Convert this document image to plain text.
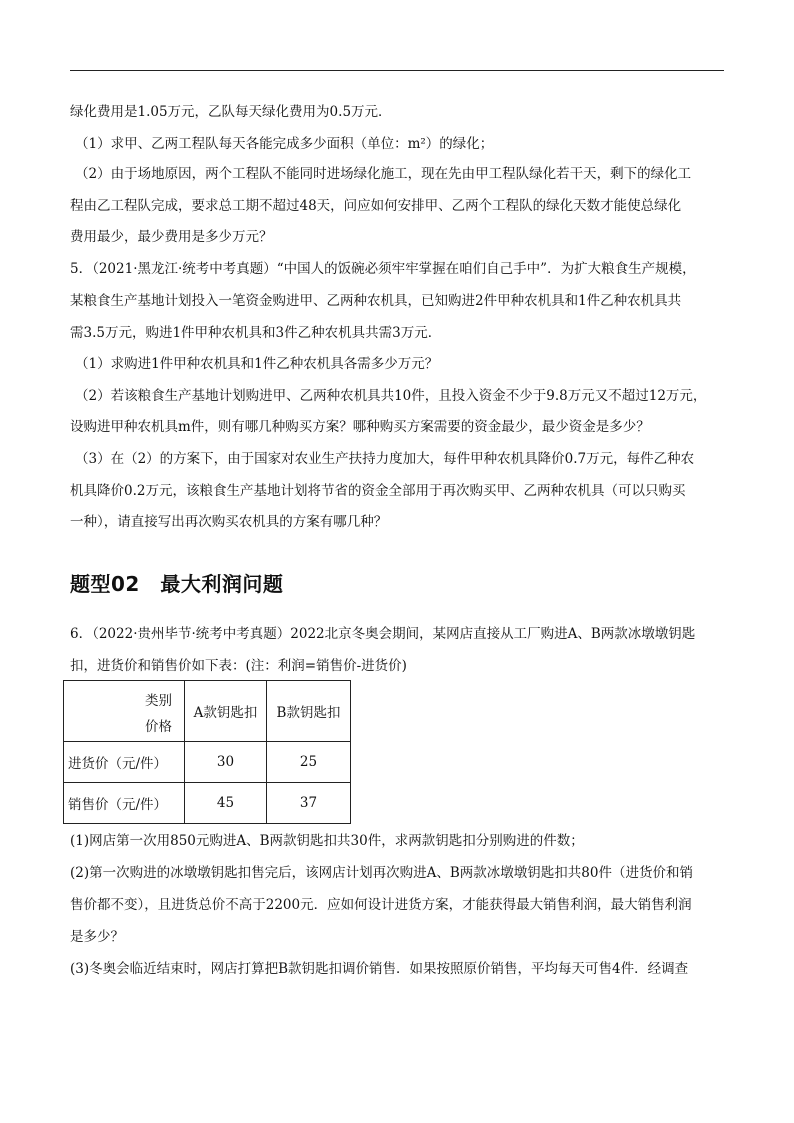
绿化费用是1.05万元，乙队每天绿化费用为0.5万元．
（1）求甲、乙两工程队每天各能完成多少面积（单位：m²）的绿化；
（2）由于场地原因，两个工程队不能同时进场绿化施工，现在先由甲工程队绿化若干天，剩下的绿化工
程由乙工程队完成，要求总工期不超过48天，问应如何安排甲、乙两个工程队的绿化天数才能使总绿化
费用最少，最少费用是多少万元？
5．（2021·黑龙江·统考中考真题）“中国人的饭碗必须牢牢掌握在咱们自己手中”．为扩大粮食生产规模，
某粮食生产基地计划投入一笔资金购进甲、乙两种农机具，已知购进2件甲种农机具和1件乙种农机具共
需3.5万元，购进1件甲种农机具和3件乙种农机具共需3万元．
（1）求购进1件甲种农机具和1件乙种农机具各需多少万元？
（2）若该粮食生产基地计划购进甲、乙两种农机具共10件，且投入资金不少于9.8万元又不超过12万元，
设购进甲种农机具m件，则有哪几种购买方案？哪种购买方案需要的资金最少，最少资金是多少？
（3）在（2）的方案下，由于国家对农业生产扶持力度加大，每件甲种农机具降价0.7万元，每件乙种农
机具降价0.2万元，该粮食生产基地计划将节省的资金全部用于再次购买甲、乙两种农机具（可以只购买
一种），请直接写出再次购买农机具的方案有哪几种？
题型02　最大利润问题
6．（2022·贵州毕节·统考中考真题）2022北京冬奥会期间，某网店直接从工厂购进A、B两款冰墩墩钥匙
扣，进货价和销售价如下表：(注：利润=销售价-进货价)
类别
价格	A款钥匙扣	B款钥匙扣
进货价（元/件）	30	25
销售价（元/件）	45	37
(1)网店第一次用850元购进A、B两款钥匙扣共30件，求两款钥匙扣分别购进的件数；
(2)第一次购进的冰墩墩钥匙扣售完后，该网店计划再次购进A、B两款冰墩墩钥匙扣共80件（进货价和销
售价都不变），且进货总价不高于2200元．应如何设计进货方案，才能获得最大销售利润，最大销售利润
是多少？
(3)冬奥会临近结束时，网店打算把B款钥匙扣调价销售．如果按照原价销售，平均每天可售4件．经调查
